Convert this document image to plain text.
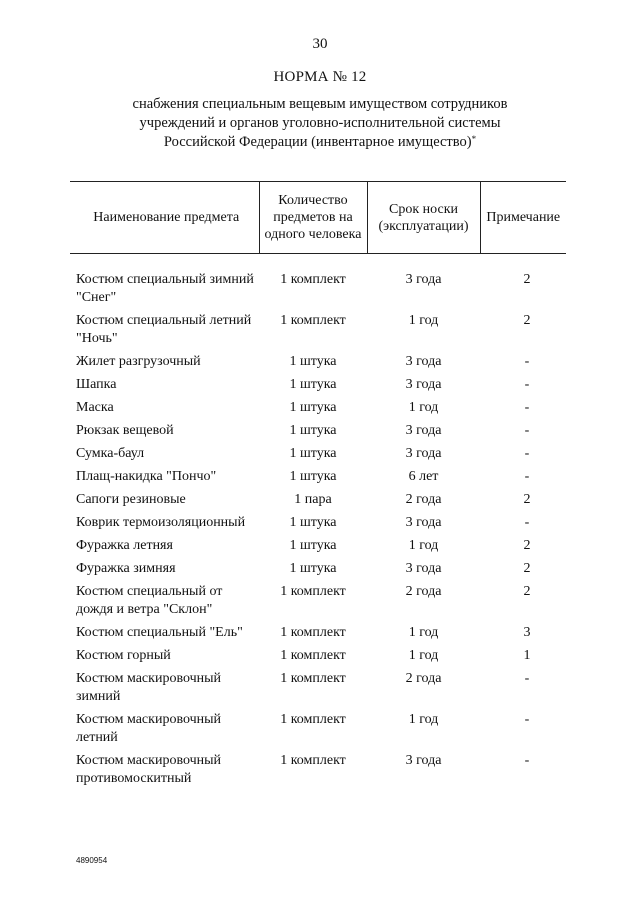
30
НОРМА № 12
снабжения специальным вещевым имуществом сотрудников
учреждений и органов уголовно-исполнительной системы
Российской Федерации (инвентарное имущество)*
Наименование предмета	Количество предметов на одного человека	Срок носки (эксплуатации)	Примечание

Костюм специальный зимний "Снег"	1 комплект	3 года	2
Костюм специальный летний "Ночь"	1 комплект	1 год	2
Жилет разгрузочный	1 штука	3 года	-
Шапка	1 штука	3 года	-
Маска	1 штука	1 год	-
Рюкзак вещевой	1 штука	3 года	-
Сумка-баул	1 штука	3 года	-
Плащ-накидка "Пончо"	1 штука	6 лет	-
Сапоги резиновые	1 пара	2 года	2
Коврик термоизоляционный	1 штука	3 года	-
Фуражка летняя	1 штука	1 год	2
Фуражка зимняя	1 штука	3 года	2
Костюм специальный от дождя и ветра "Склон"	1 комплект	2 года	2
Костюм специальный "Ель"	1 комплект	1 год	3
Костюм горный	1 комплект	1 год	1
Костюм маскировочный зимний	1 комплект	2 года	-
Костюм маскировочный летний	1 комплект	1 год	-
Костюм маскировочный противомоскитный	1 комплект	3 года	-
4890954
